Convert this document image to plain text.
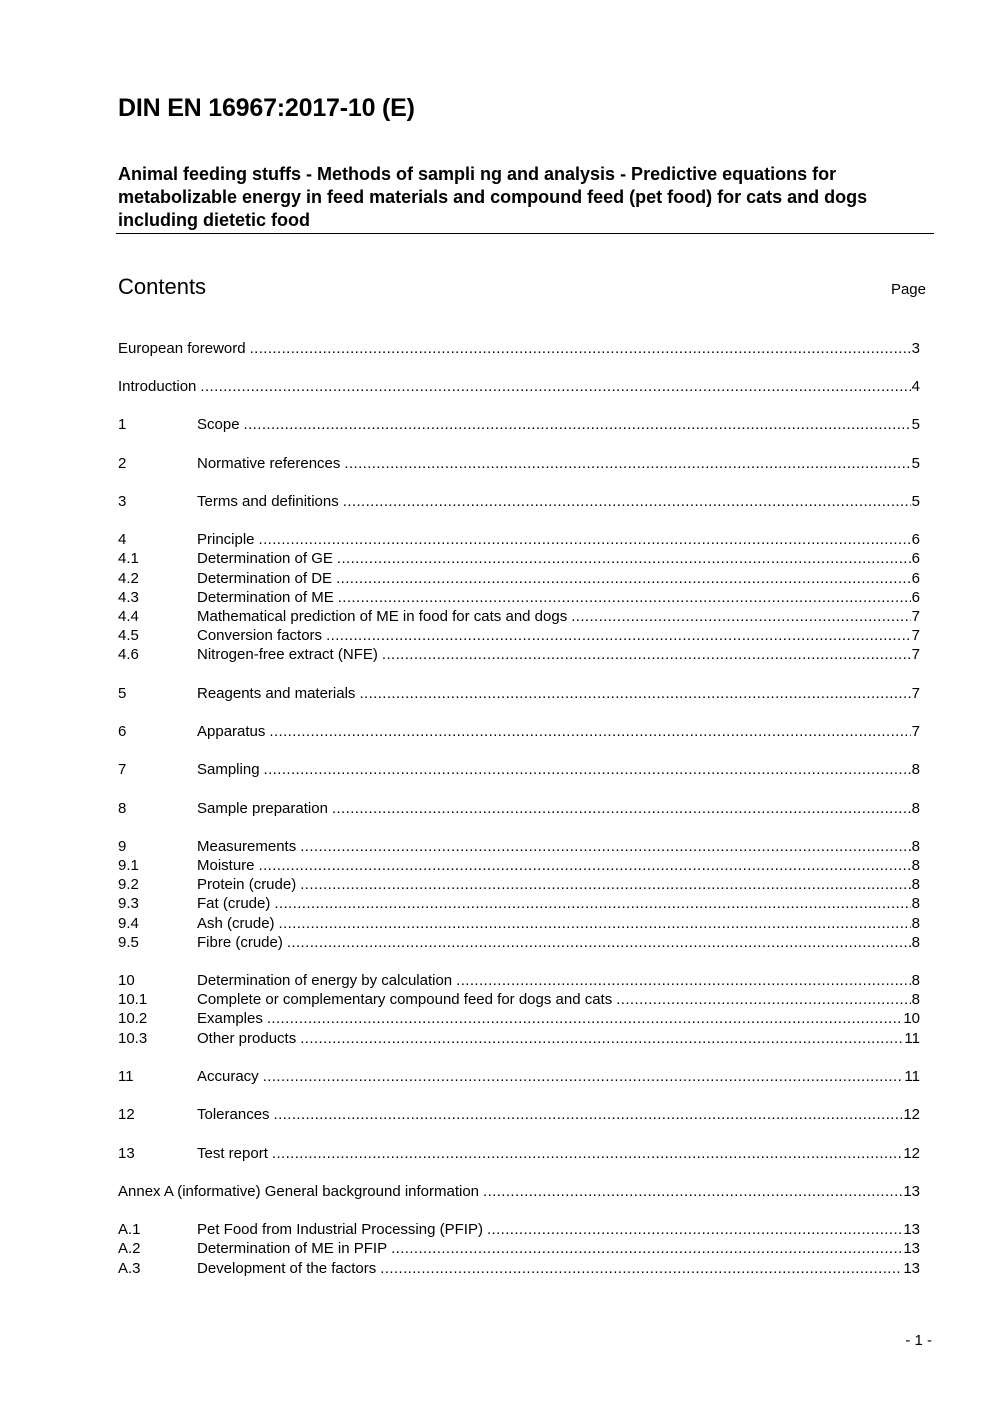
DIN EN 16967:2017-10 (E)
Animal feeding stuffs - Methods of sampli ng and analysis - Predictive equations for metabolizable energy in feed materials and compound feed (pet food) for cats and dogs including dietetic food
Contents	Page
European foreword .....	3
Introduction .....	4
1	Scope .....	5
2	Normative references .....	5
3	Terms and definitions .....	5
4	Principle .....	6
4.1	Determination of GE .....	6
4.2	Determination of DE .....	6
4.3	Determination of ME .....	6
4.4	Mathematical prediction of ME in food for cats and dogs .....	7
4.5	Conversion factors .....	7
4.6	Nitrogen-free extract (NFE) .....	7
5	Reagents and materials .....	7
6	Apparatus .....	7
7	Sampling .....	8
8	Sample preparation .....	8
9	Measurements .....	8
9.1	Moisture .....	8
9.2	Protein (crude) .....	8
9.3	Fat (crude) .....	8
9.4	Ash (crude) .....	8
9.5	Fibre (crude) .....	8
10	Determination of energy by calculation .....	8
10.1	Complete or complementary compound feed for dogs and cats .....	8
10.2	Examples .....	10
10.3	Other products .....	11
11	Accuracy .....	11
12	Tolerances .....	12
13	Test report .....	12
Annex A (informative) General background information .....	13
A.1	Pet Food from Industrial Processing (PFIP) .....	13
A.2	Determination of ME in PFIP .....	13
A.3	Development of the factors .....	13
- 1 -
